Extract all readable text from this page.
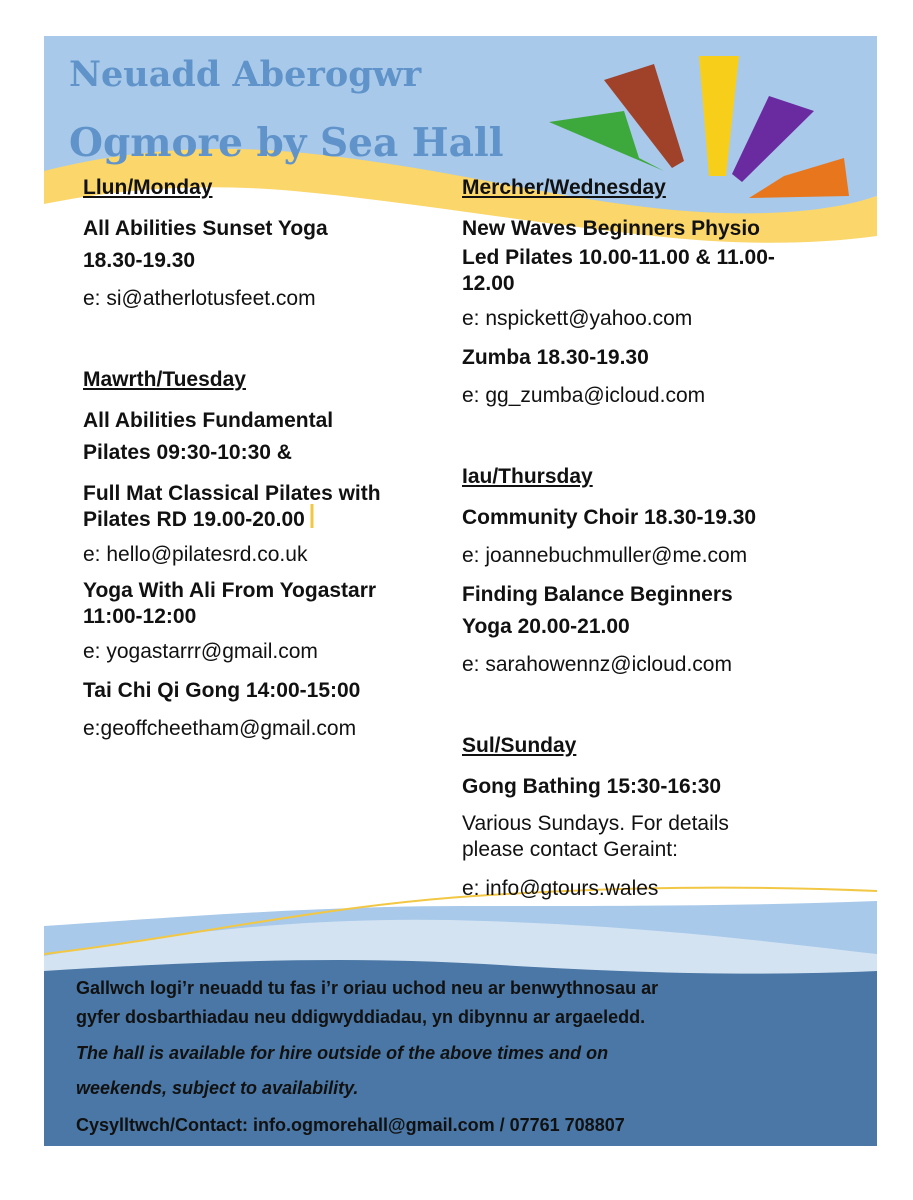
Neuadd Aberogwr
Ogmore by Sea Hall

Llun/Monday

All Abilities Sunset Yoga

18.30-19.30

e: si@atherlotusfeet.com

Mawrth/Tuesday

All Abilities Fundamental

Pilates 09:30-10:30 &

Full Mat Classical Pilates with

Pilates RD 19.00-20.00

e: hello@pilatesrd.co.uk

Yoga With Ali From Yogastarr

11:00-12:00

e: yogastarrr@gmail.com

Tai Chi Qi Gong 14:00-15:00

e:geoffcheetham@gmail.com

Mercher/Wednesday

New Waves Beginners Physio

Led Pilates 10.00-11.00 & 11.00-

12.00

e: nspickett@yahoo.com

Zumba 18.30-19.30

e: gg_zumba@icloud.com

Iau/Thursday

Community Choir 18.30-19.30

e: joannebuchmuller@me.com

Finding Balance Beginners

Yoga 20.00-21.00

e: sarahowennz@icloud.com

Sul/Sunday

Gong Bathing 15:30-16:30

Various Sundays. For details

please contact Geraint:

e: info@gtours.wales

Gallwch logi’r neuadd tu fas i’r oriau uchod neu ar benwythnosau ar

gyfer dosbarthiadau neu ddigwyddiadau, yn dibynnu ar argaeledd.

The hall is available for hire outside of the above times and on

weekends, subject to availability.

Cysylltwch/Contact: info.ogmorehall@gmail.com / 07761 708807
